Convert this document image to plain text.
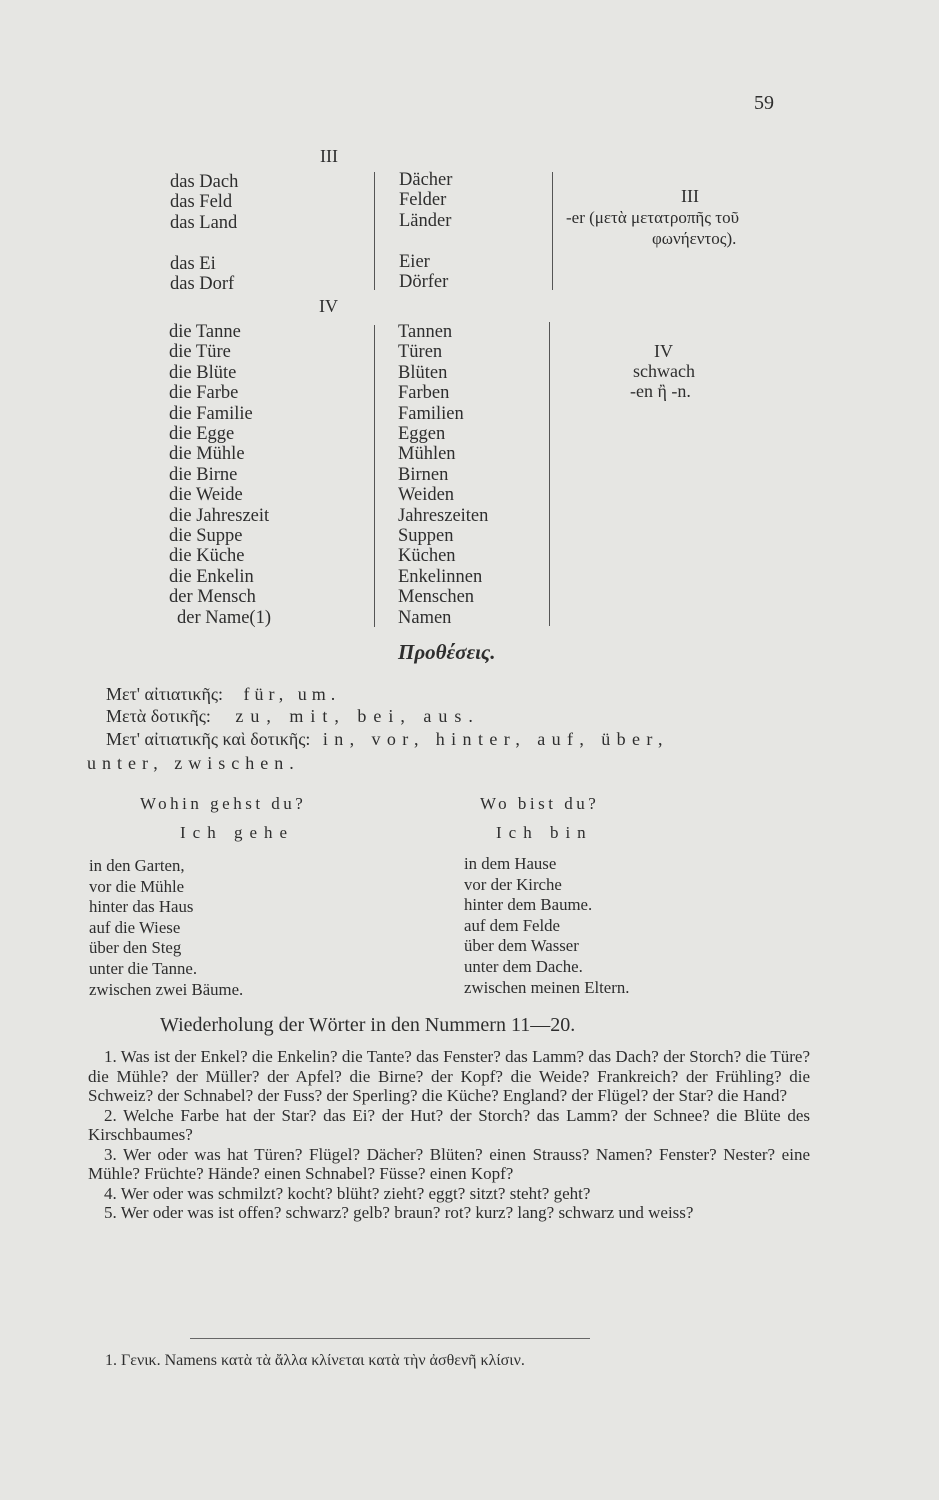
59
III
das Dach
das Feld
das Land

das Ei
das Dorf
Dächer
Felder
Länder

Eier
Dörfer
III
-er (μετὰ μετατροπῆς τοῦ
φωνήεντος).
IV
die Tanne
die Türe
die Blüte
die Farbe
die Familie
die Egge
die Mühle
die Birne
die Weide
die Jahreszeit
die Suppe
die Küche
die Enkelin
der Mensch
der Name(1)
Tannen
Türen
Blüten
Farben
Familien
Eggen
Mühlen
Birnen
Weiden
Jahreszeiten
Suppen
Küchen
Enkelinnen
Menschen
Namen
IV
schwach
-en ἢ -n.
Προθέσεις.
Μετ' αἰτιατικῆς: für, um.
Μετὰ δοτικῆς: zu, mit, bei, aus.
Μετ' αἰτιατικῆς καὶ δοτικῆς: in, vor, hinter, auf, über,
unter, zwischen.
Wohin gehst du?
Ich gehe
in den Garten,
vor die Mühle
hinter das Haus
auf die Wiese
über den Steg
unter die Tanne.
zwischen zwei Bäume.
Wo bist du?
Ich bin
in dem Hause
vor der Kirche
hinter dem Baume.
auf dem Felde
über dem Wasser
unter dem Dache.
zwischen meinen Eltern.
Wiederholung der Wörter in den Nummern 11—20.
1. Was ist der Enkel? die Enkelin? die Tante? das Fenster? das Lamm? das Dach? der Storch? die Türe? die Mühle? der Müller? der Apfel? die Birne? der Kopf? die Weide? Frankreich? der Frühling? die Schweiz? der Schnabel? der Fuss? der Sperling? die Küche? England? der Flügel? der Star? die Hand?
2. Welche Farbe hat der Star? das Ei? der Hut? der Storch? das Lamm? der Schnee? die Blüte des Kirschbaumes?
3. Wer oder was hat Türen? Flügel? Dächer? Blüten? einen Strauss? Namen? Fenster? Nester? eine Mühle? Früchte? Hände? einen Schnabel? Füsse? einen Kopf?
4. Wer oder was schmilzt? kocht? blüht? zieht? eggt? sitzt? steht? geht?
5. Wer oder was ist offen? schwarz? gelb? braun? rot? kurz? lang? schwarz und weiss?
1. Γενικ. Namens κατὰ τὰ ἄλλα κλίνεται κατὰ τὴν ἀσθενῆ κλίσιν.
